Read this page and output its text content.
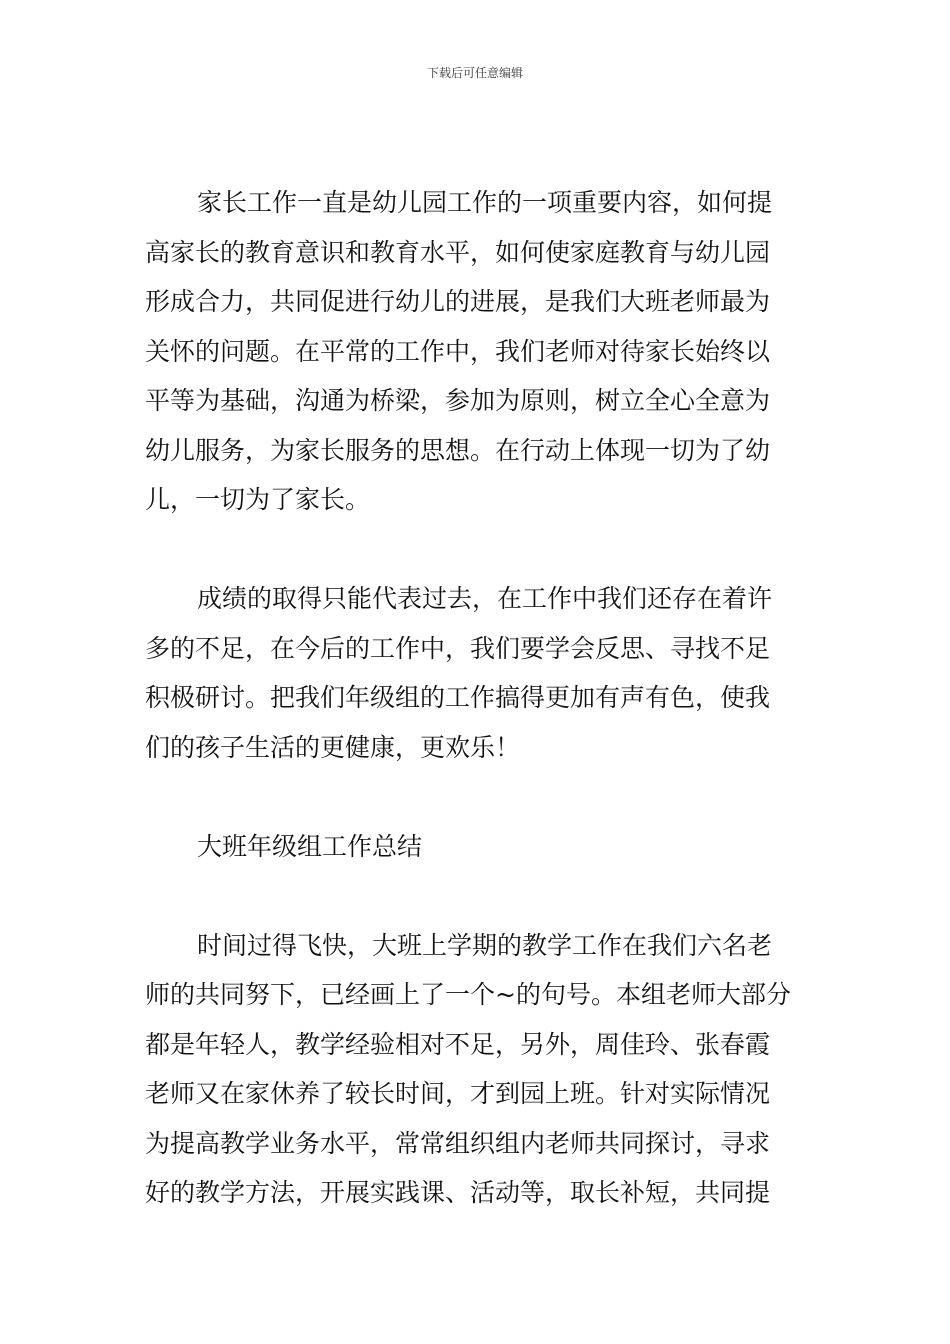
下载后可任意编辑
家长工作一直是幼儿园工作的一项重要内容，如何提
高家长的教育意识和教育水平，如何使家庭教育与幼儿园
形成合力，共同促进行幼儿的进展，是我们大班老师最为
关怀的问题。在平常的工作中，我们老师对待家长始终以
平等为基础，沟通为桥梁，参加为原则，树立全心全意为
幼儿服务，为家长服务的思想。在行动上体现一切为了幼
儿，一切为了家长。
成绩的取得只能代表过去，在工作中我们还存在着许
多的不足，在今后的工作中，我们要学会反思、寻找不足
积极研讨。把我们年级组的工作搞得更加有声有色，使我
们的孩子生活的更健康，更欢乐！
大班年级组工作总结
时间过得飞快，大班上学期的教学工作在我们六名老
师的共同努下，已经画上了一个~的句号。本组老师大部分
都是年轻人，教学经验相对不足，另外，周佳玲、张春霞
老师又在家休养了较长时间，才到园上班。针对实际情况
为提高教学业务水平，常常组织组内老师共同探讨，寻求
好的教学方法，开展实践课、活动等，取长补短，共同提
